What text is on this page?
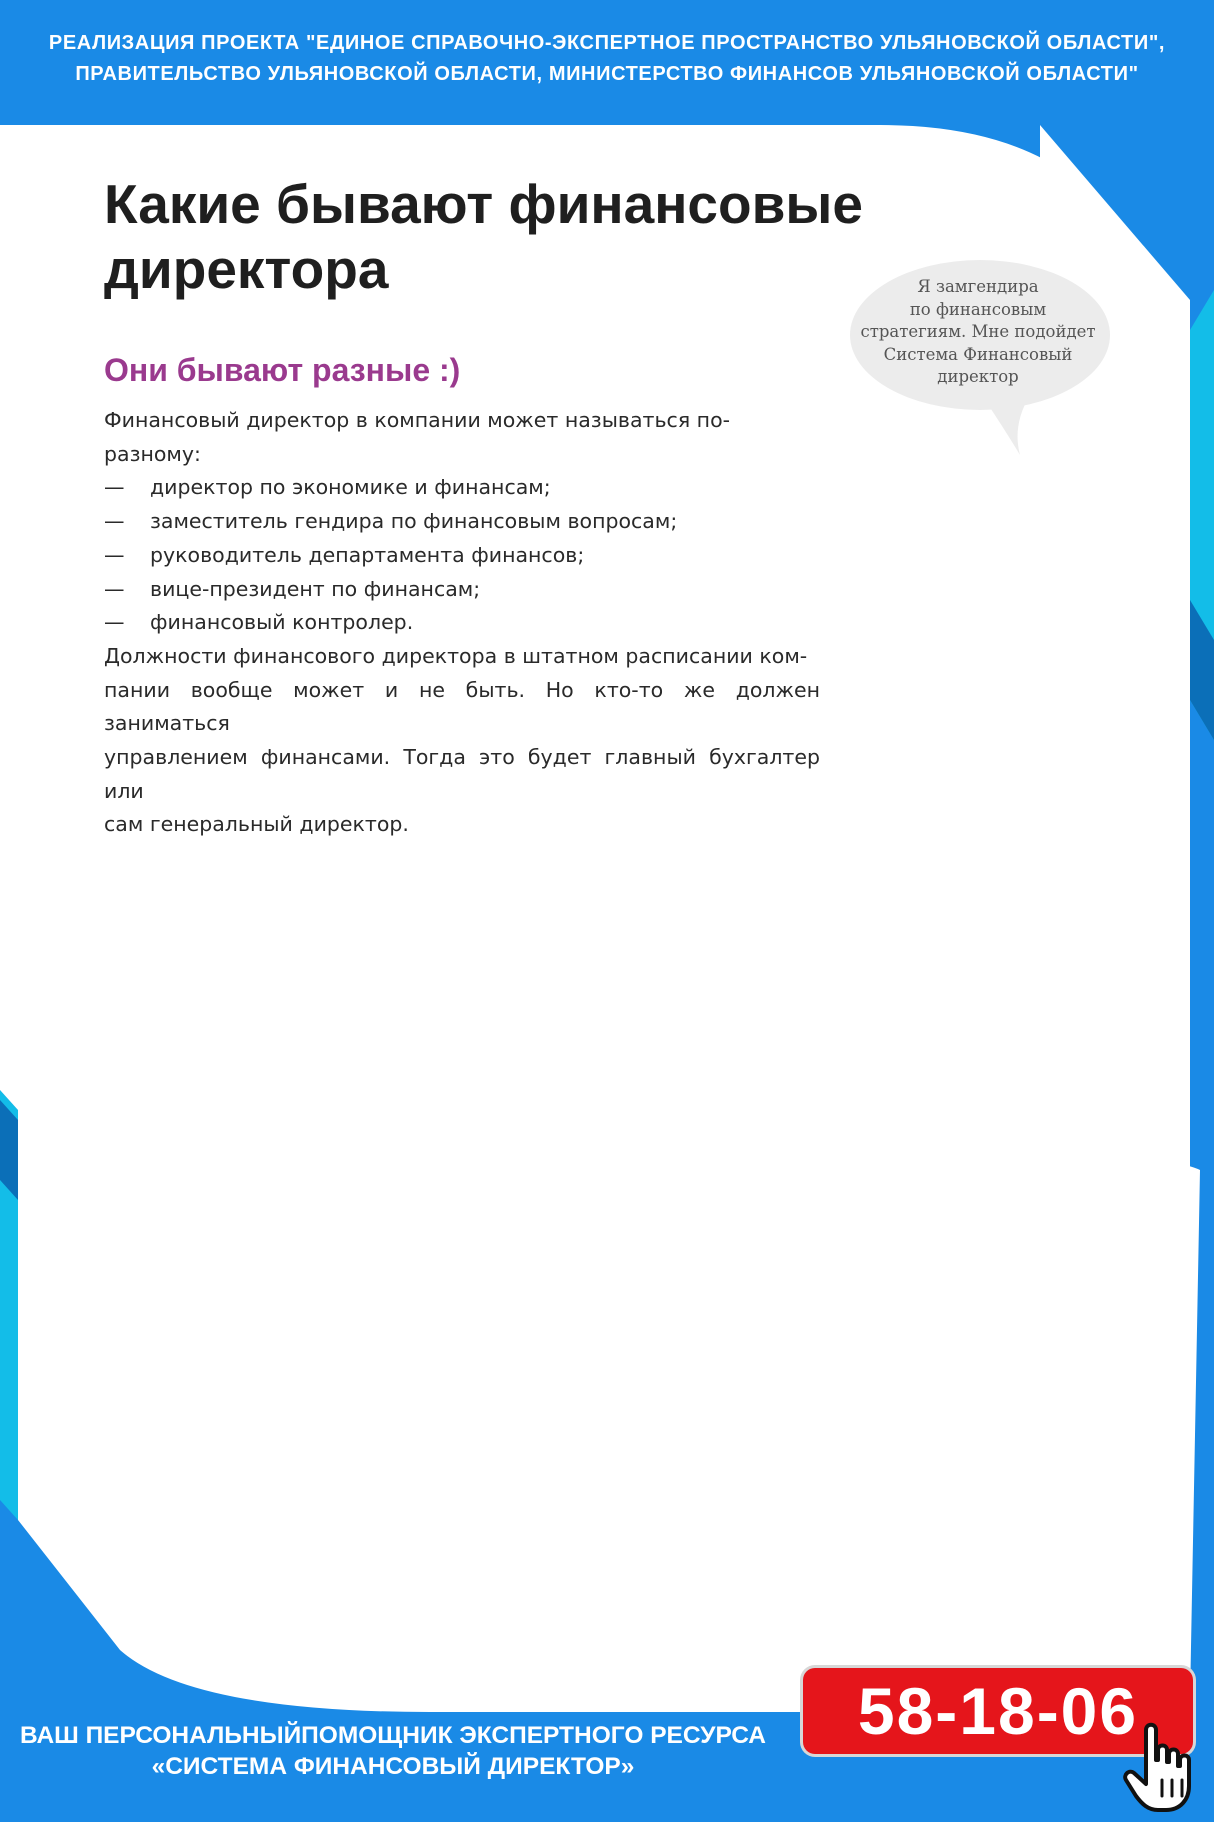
РЕАЛИЗАЦИЯ ПРОЕКТА "ЕДИНОЕ СПРАВОЧНО-ЭКСПЕРТНОЕ ПРОСТРАНСТВО УЛЬЯНОВСКОЙ ОБЛАСТИ",
ПРАВИТЕЛЬСТВО УЛЬЯНОВСКОЙ ОБЛАСТИ, МИНИСТЕРСТВО ФИНАНСОВ УЛЬЯНОВСКОЙ ОБЛАСТИ"
Какие бывают финансовые
директора
Они бывают разные :)

Финансовый директор в компании может называться по-разному:

—	директор по экономике и финансам;
—	заместитель гендира по финансовым вопросам;
—	руководитель департамента финансов;
—	вице-президент по финансам;
—	финансовый контролер.

Должности финансового директора в штатном расписании ком-

пании вообще может и не быть. Но кто-то же должен заниматься

управлением финансами. Тогда это будет главный бухгалтер или

сам генеральный директор.

Я замгендира
по финансовым
стратегиям. Мне подойдет
Система Финансовый
директор
ВАШ ПЕРСОНАЛЬНЫЙПОМОЩНИК ЭКСПЕРТНОГО РЕСУРСА
«СИСТЕМА ФИНАНСОВЫЙ ДИРЕКТОР»
58-18-06
